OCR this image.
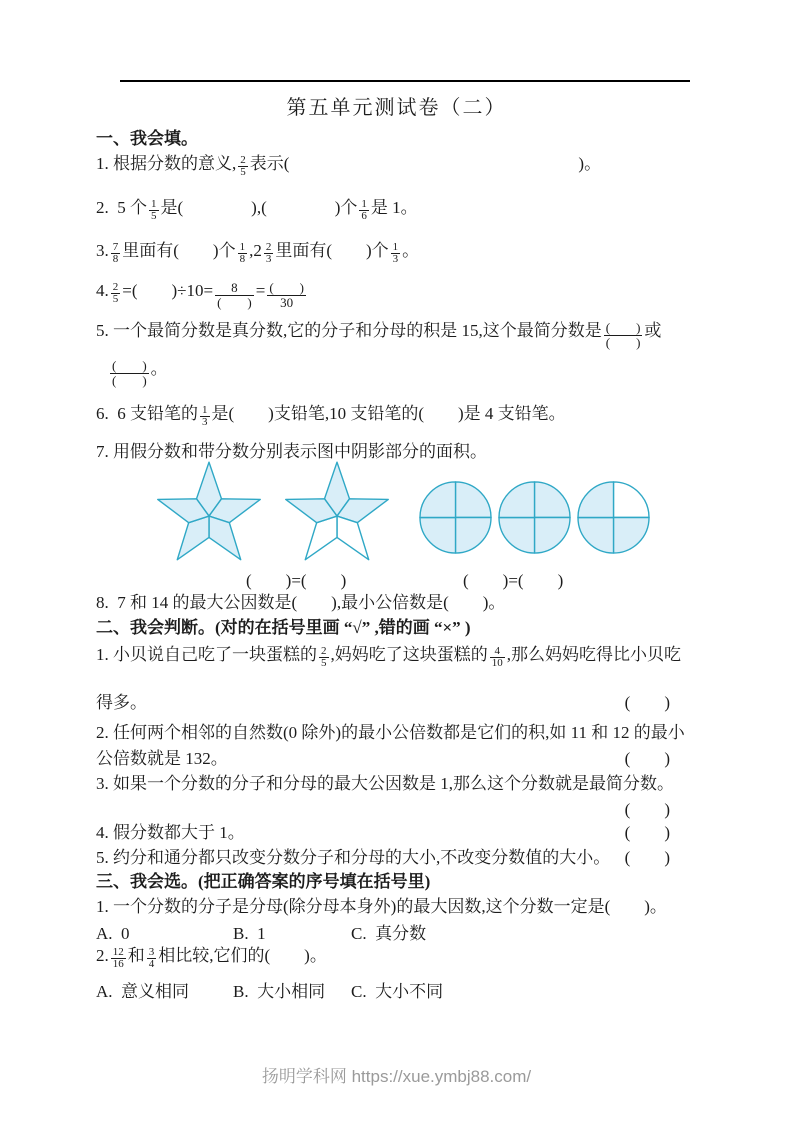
第五单元测试卷（二）
一、我会填。
1. 根据分数的意义, $\frac{2}{5}$ 表示(　　　　　　　　　　　　　　　　　)。
2.  5 个 $\frac{1}{5}$ 是(　　　　),(　　　　)个 $\frac{1}{6}$ 是 1。
3. $\frac{7}{8}$ 里面有(　　)个 $\frac{1}{8} ,2 \frac{2}{3}$ 里面有(　　)个 $\frac{1}{3}$ 。
4. $\frac{2}{5}$ =(　　)$\div 10= \frac{8}{( )} = \frac{( )}{30}$
5. 一个最简分数是真分数,它的分子和分母的积是 15,这个最简分数是 $\frac{( )}{( )}$ 或
$\frac{( )}{( )}$ 。
6.  6 支铅笔的 $\frac{1}{3}$ 是(　　)支铅笔,10 支铅笔的(　　)是 4 支铅笔。
7. 用假分数和带分数分别表示图中阴影部分的面积。
(　　)=(　　)	(　　)=(　　)
8.  7 和 14 的最大公因数是(　　),最小公倍数是(　　)。
二、我会判断。(对的在括号里画 “√” ,错的画 “×” )
1. 小贝说自己吃了一块蛋糕的 $\frac{2}{5}$ ,妈妈吃了这块蛋糕的 $\frac{4}{10}$ ,那么妈妈吃得比小贝吃
得多。	(　　)
2. 任何两个相邻的自然数(0 除外)的最小公倍数都是它们的积,如 11 和 12 的最小
公倍数就是 132。	(　　)
3. 如果一个分数的分子和分母的最大公因数是 1,那么这个分数就是最简分数。
(　　)
4. 假分数都大于 1。	(　　)
5. 约分和通分都只改变分数分子和分母的大小,不改变分数值的大小。 (　　)
三、我会选。(把正确答案的序号填在括号里)
1. 一个分数的分子是分母(除分母本身外)的最大因数,这个分数一定是(　　)。
A.  0	B.  1	C.  真分数
2. $\frac{12}{16}$ 和 $\frac{3}{4}$ 相比较,它们的(　　)。
A.  意义相同	B.  大小相同 C.  大小不同
扬明学科网 https://xue.ymbj88.com/
